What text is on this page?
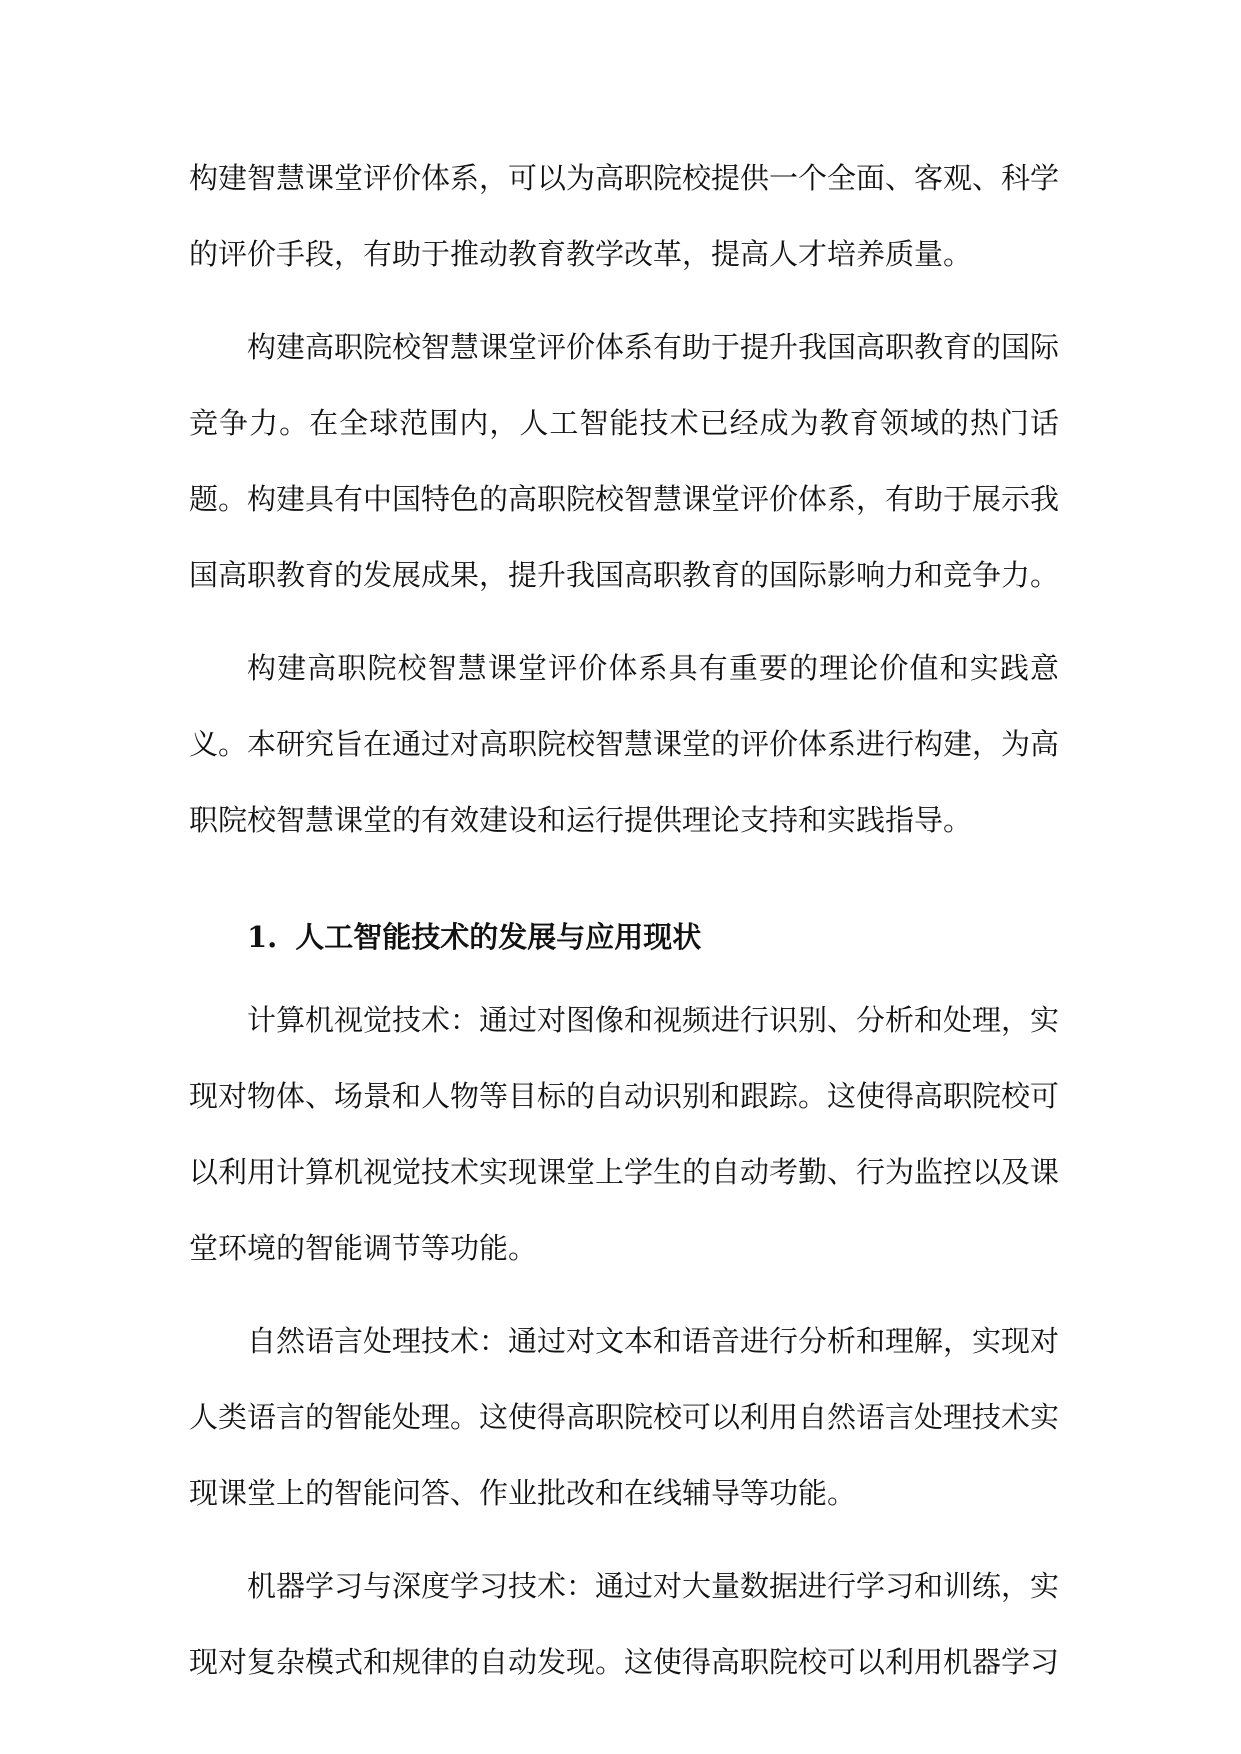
构建智慧课堂评价体系，可以为高职院校提供一个全面、客观、科学的评价手段，有助于推动教育教学改革，提高人才培养质量。

构建高职院校智慧课堂评价体系有助于提升我国高职教育的国际竞争力。在全球范围内，人工智能技术已经成为教育领域的热门话题。构建具有中国特色的高职院校智慧课堂评价体系，有助于展示我国高职教育的发展成果，提升我国高职教育的国际影响力和竞争力。

构建高职院校智慧课堂评价体系具有重要的理论价值和实践意义。本研究旨在通过对高职院校智慧课堂的评价体系进行构建，为高职院校智慧课堂的有效建设和运行提供理论支持和实践指导。

1. 人工智能技术的发展与应用现状

计算机视觉技术：通过对图像和视频进行识别、分析和处理，实现对物体、场景和人物等目标的自动识别和跟踪。这使得高职院校可以利用计算机视觉技术实现课堂上学生的自动考勤、行为监控以及课堂环境的智能调节等功能。

自然语言处理技术：通过对文本和语音进行分析和理解，实现对人类语言的智能处理。这使得高职院校可以利用自然语言处理技术实现课堂上的智能问答、作业批改和在线辅导等功能。

机器学习与深度学习技术：通过对大量数据进行学习和训练，实现对复杂模式和规律的自动发现。这使得高职院校可以利用机器学习
